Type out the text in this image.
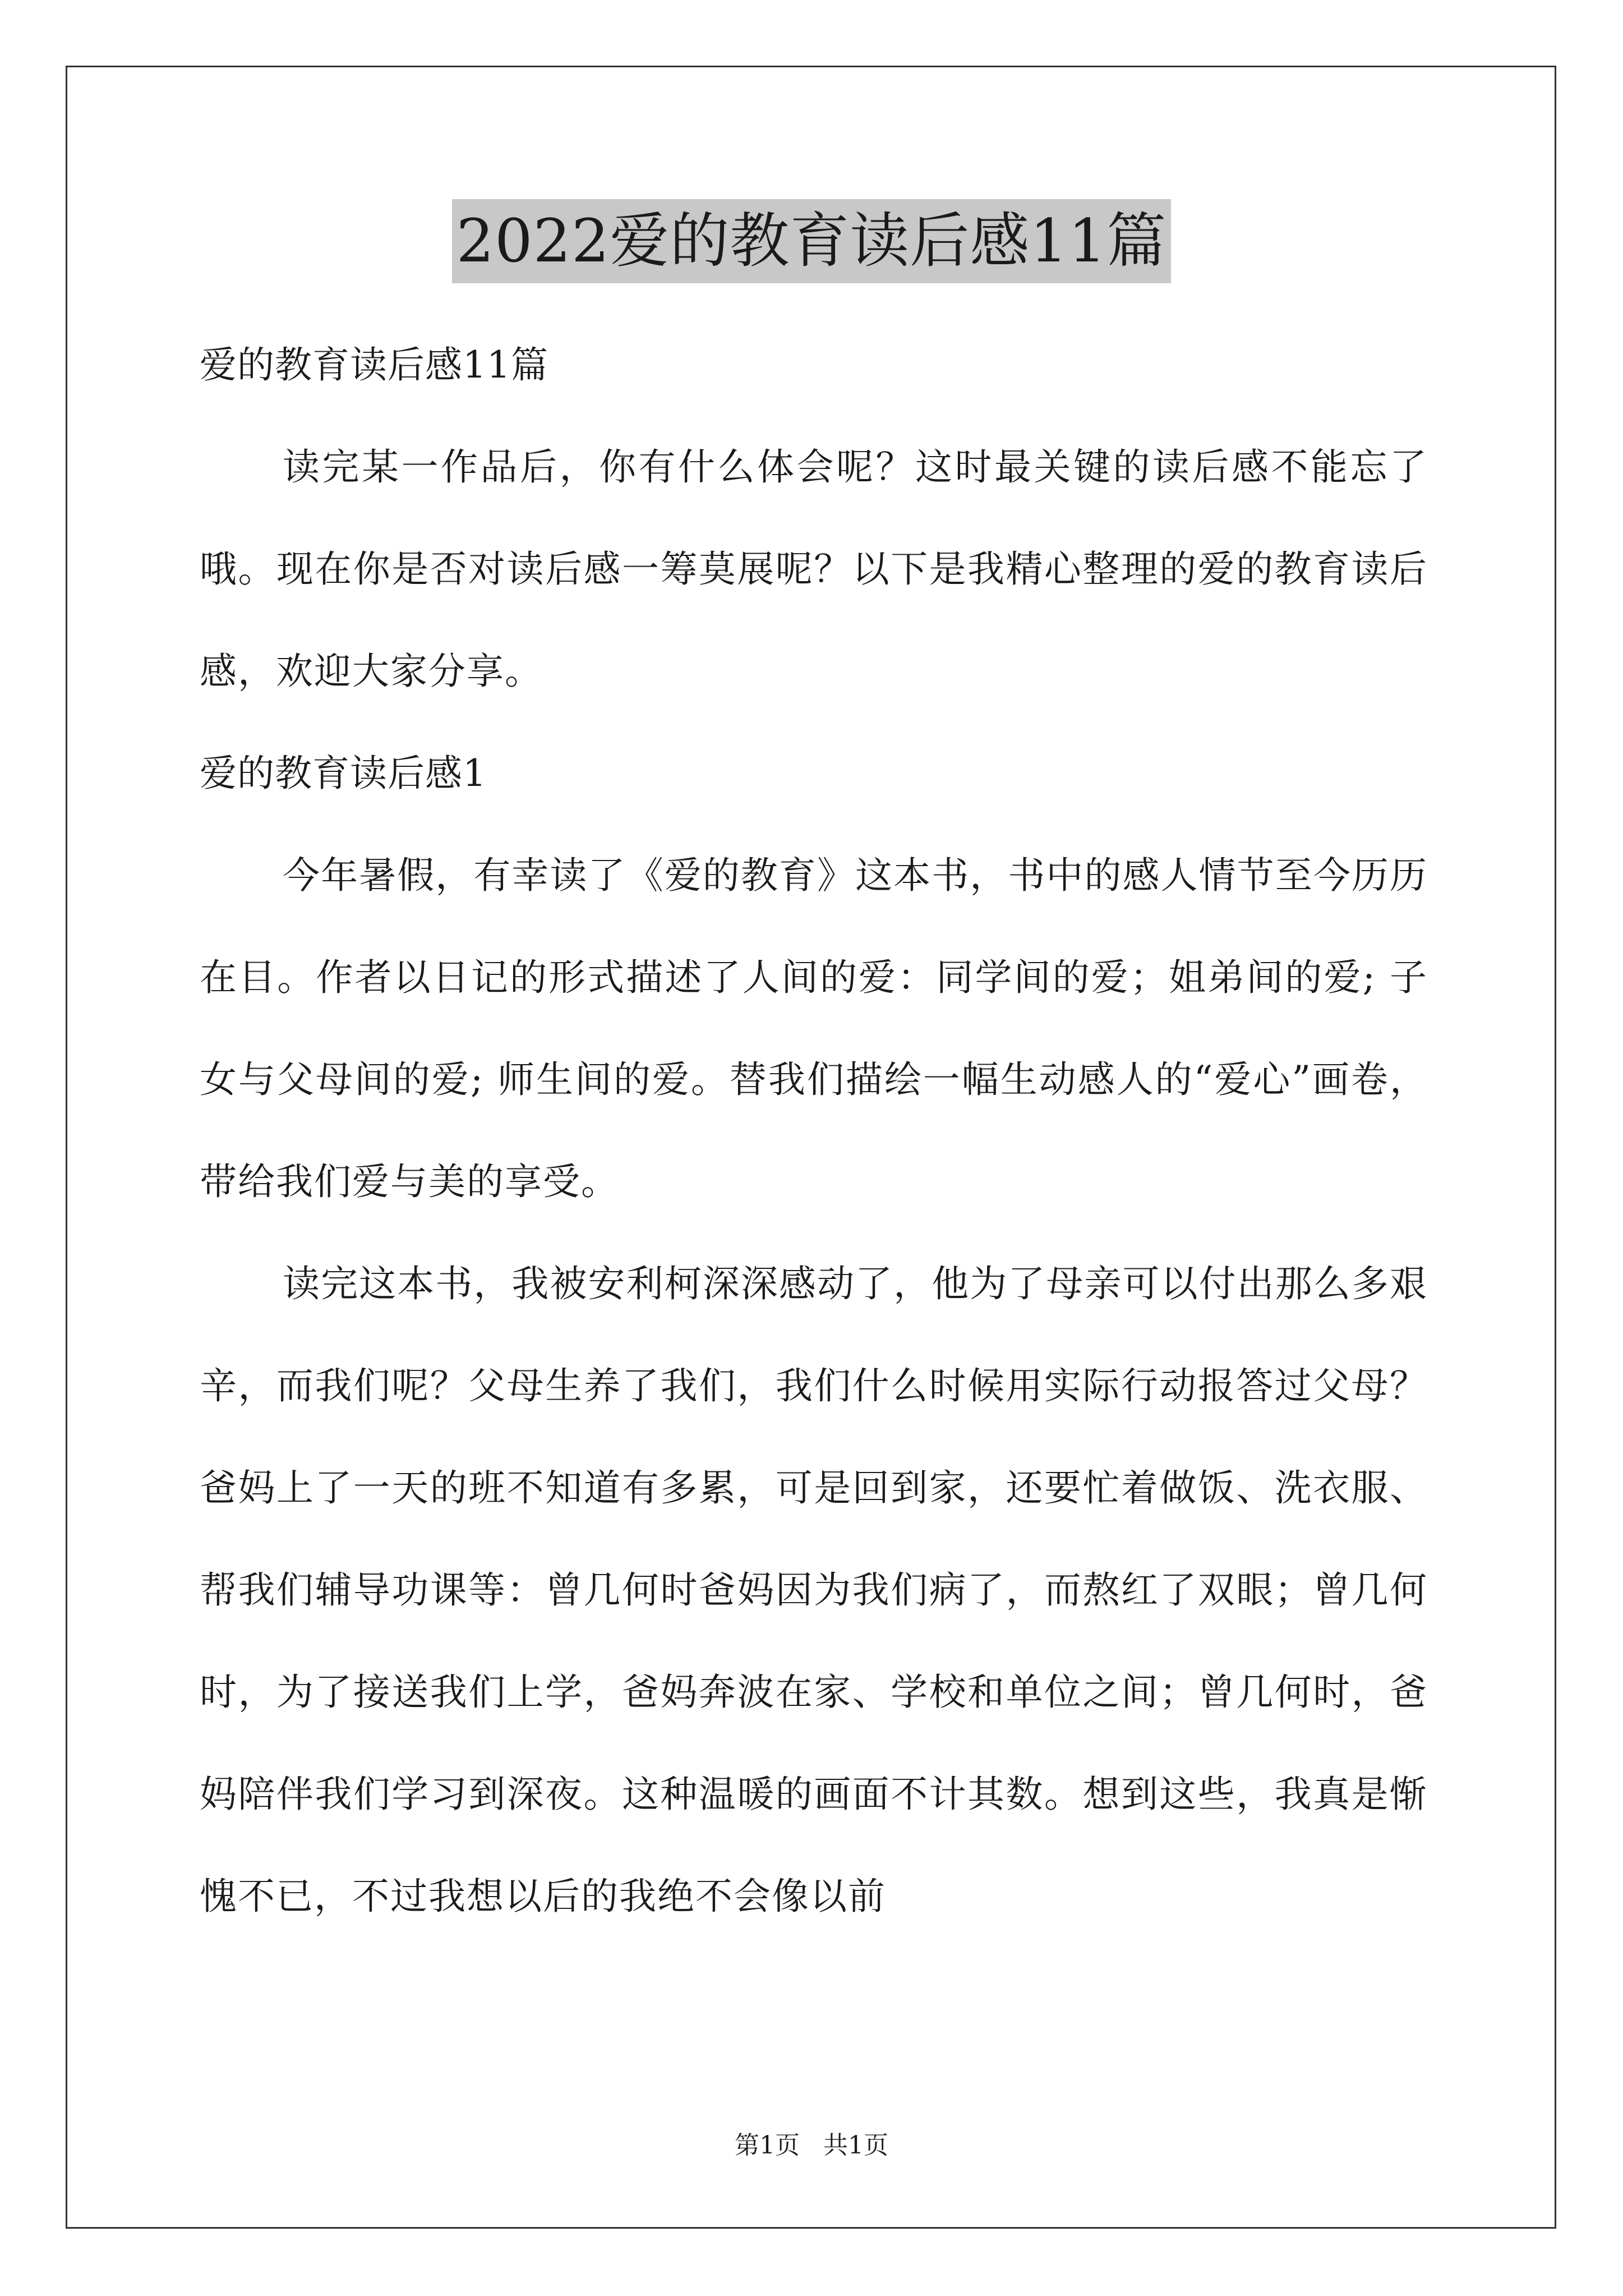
2022爱的教育读后感11篇

爱的教育读后感11篇

读完某一作品后，你有什么体会呢？这时最关键的读后感不能忘了哦。现在你是否对读后感一筹莫展呢？以下是我精心整理的爱的教育读后感，欢迎大家分享。

爱的教育读后感1

今年暑假，有幸读了《爱的教育》这本书，书中的感人情节至今历历在目。作者以日记的形式描述了人间的爱：同学间的爱；姐弟间的爱; 子女与父母间的爱; 师生间的爱。替我们描绘一幅生动感人的“爱心”画卷，带给我们爱与美的享受。

读完这本书，我被安利柯深深感动了，他为了母亲可以付出那么多艰辛，而我们呢？父母生养了我们，我们什么时候用实际行动报答过父母？爸妈上了一天的班不知道有多累，可是回到家，还要忙着做饭、洗衣服、帮我们辅导功课等：曾几何时爸妈因为我们病了，而熬红了双眼；曾几何时，为了接送我们上学，爸妈奔波在家、学校和单位之间；曾几何时，爸妈陪伴我们学习到深夜。这种温暖的画面不计其数。想到这些，我真是惭愧不已，不过我想以后的我绝不会像以前

第1页 共1页
